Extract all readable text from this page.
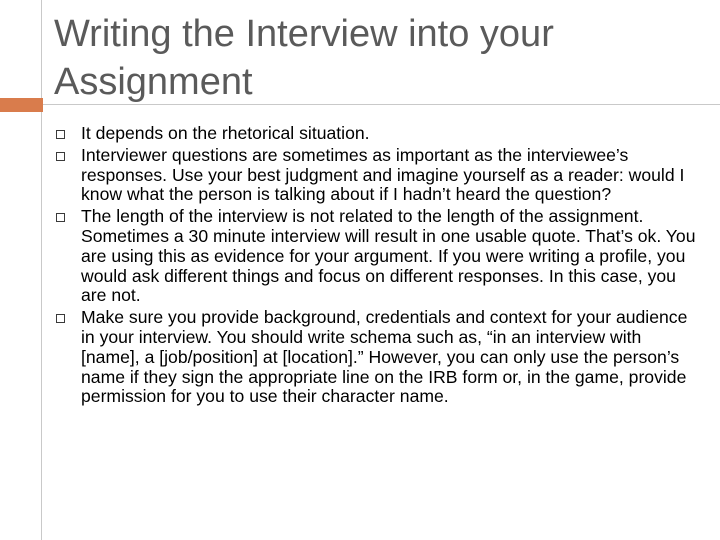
Writing the Interview into your Assignment
It depends on the rhetorical situation.
Interviewer questions are sometimes as important as the interviewee’s responses. Use your best judgment and imagine yourself as a reader: would I know what the person is talking about if I hadn’t heard the question?
The length of the interview is not related to the length of the assignment. Sometimes a 30 minute interview will result in one usable quote. That’s ok. You are using this as evidence for your argument. If you were writing a profile, you would ask different things and focus on different responses. In this case, you are not.
Make sure you provide background, credentials and context for your audience in your interview. You should write schema such as, “in an interview with [name], a [job/position] at [location].” However, you can only use the person’s name if they sign the appropriate line on the IRB form or, in the game, provide permission for you to use their character name.
